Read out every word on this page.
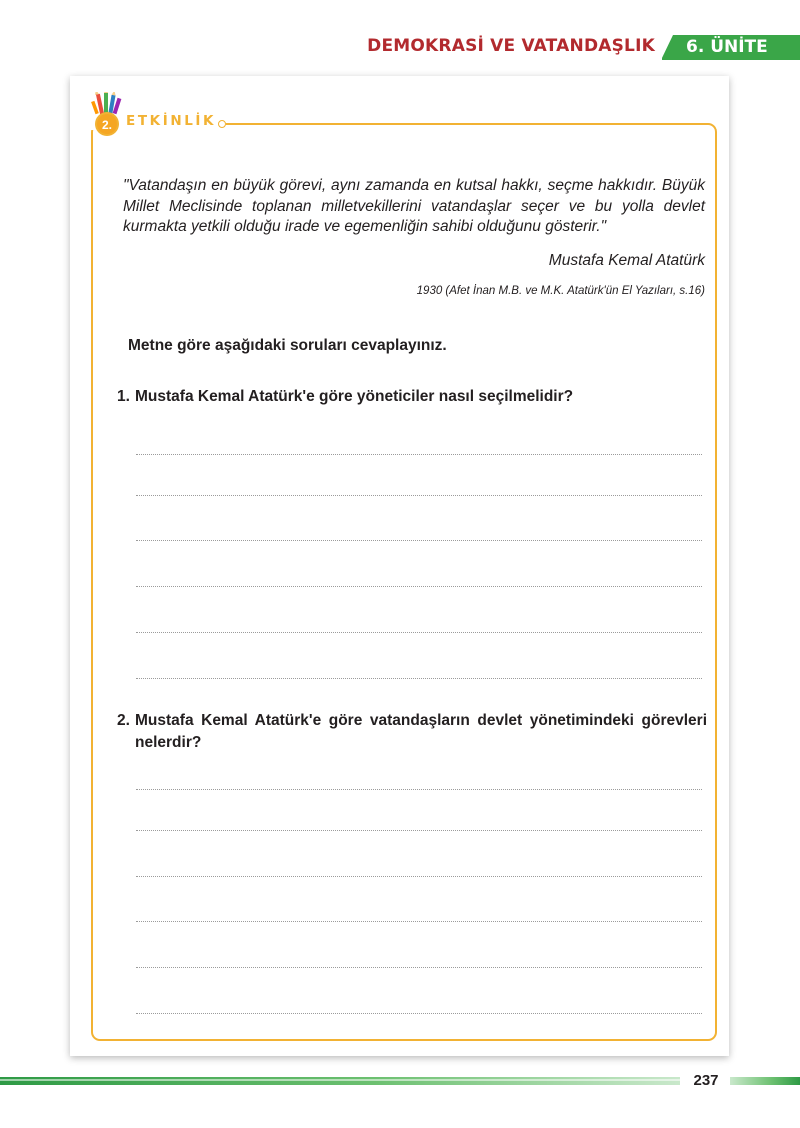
DEMOKRASİ VE VATANDAŞLIK 6. ÜNİTE
2. ETKİNLİK
"Vatandaşın en büyük görevi, aynı zamanda en kutsal hakkı, seçme hakkıdır. Büyük Millet Meclisinde toplanan milletvekillerini vatandaşlar seçer ve bu yolla devlet kurmakta yetkili olduğu irade ve egemenliğin sahibi olduğunu gösterir."
Mustafa Kemal Atatürk
1930 (Afet İnan M.B. ve M.K. Atatürk'ün El Yazıları, s.16)
Metne göre aşağıdaki soruları cevaplayınız.
1. Mustafa Kemal Atatürk'e göre yöneticiler nasıl seçilmelidir?
2. Mustafa Kemal Atatürk'e göre vatandaşların devlet yönetimindeki görevleri nelerdir?
237
